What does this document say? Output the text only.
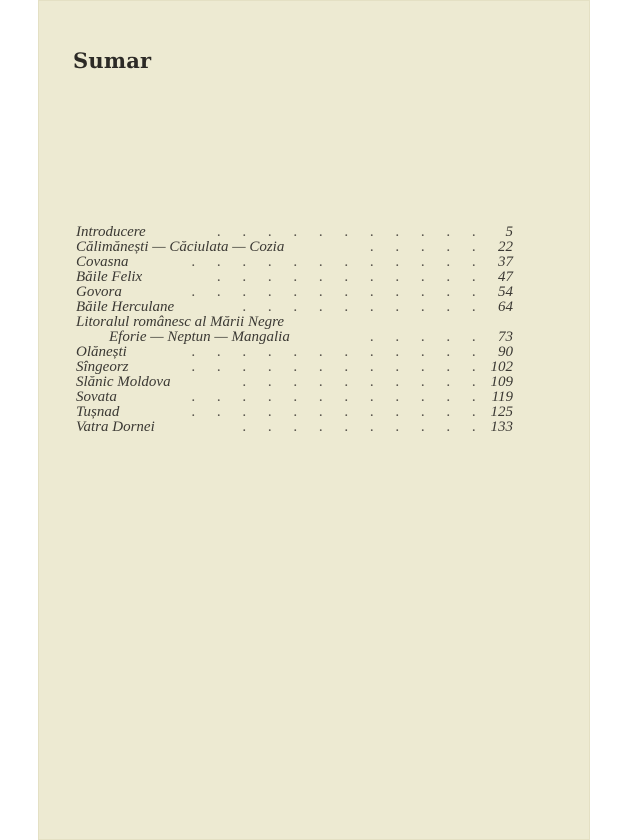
Sumar
Introducere	. . . . . . . . . . . 5
Călimănești — Căciulata — Cozia	. . . . . 22
Covasna	. . . . . . . . . . . . 37
Băile Felix	. . . . . . . . . . . 47
Govora	. . . . . . . . . . . . 54
Băile Herculane	. . . . . . . . . . 64
Litoralul românesc al Mării Negre
Eforie — Neptun — Mangalia	. . . . . 73
Olănești	. . . . . . . . . . . . 90
Sîngeorz	. . . . . . . . . . . . 102
Slănic Moldova	. . . . . . . . . . 109
Sovata	. . . . . . . . . . . . 119
Tușnad	. . . . . . . . . . . . 125
Vatra Dornei	. . . . . . . . . . 133
